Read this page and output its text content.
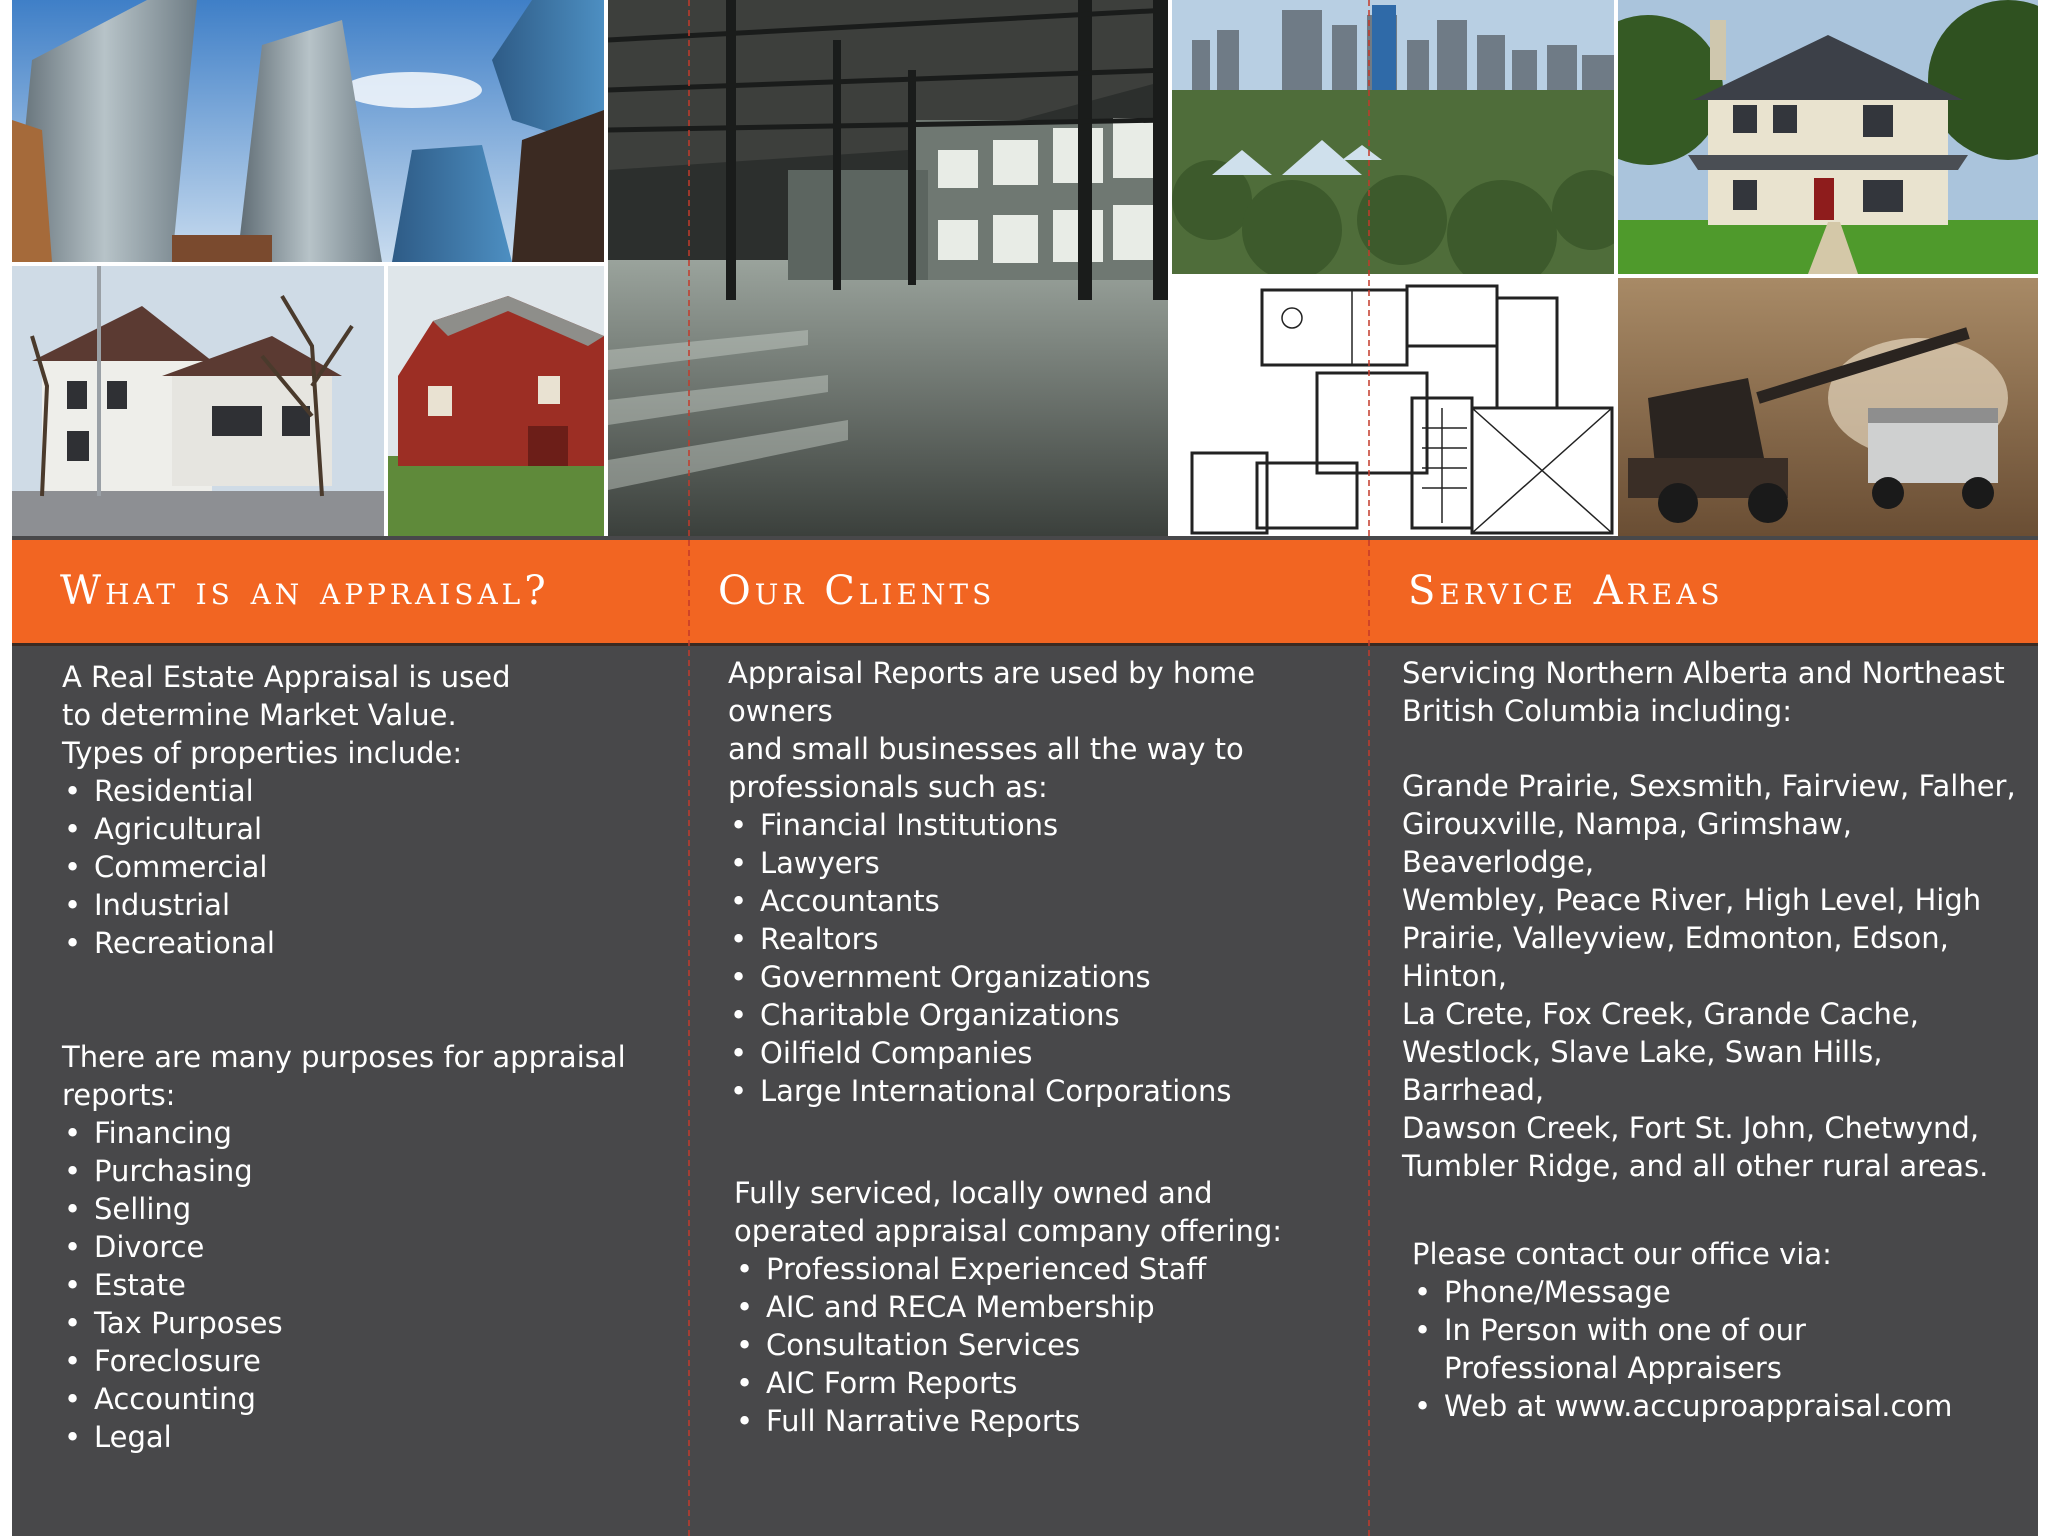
What is an appraisal?	Our Clients	Service Areas

A Real Estate Appraisal is used

to determine Market Value.

Types of properties include:

• Residential
• Agricultural
• Commercial
• Industrial
• Recreational

There are many purposes for appraisal

reports:

• Financing
• Purchasing
• Selling
• Divorce
• Estate
• Tax Purposes
• Foreclosure
• Accounting
• Legal

Appraisal Reports are used by home owners

and small businesses all the way to

professionals such as:

• Financial Institutions
• Lawyers
• Accountants
• Realtors
• Government Organizations
• Charitable Organizations
• Oilfield Companies
• Large International Corporations

Fully serviced, locally owned and

operated appraisal company offering:

• Professional Experienced Staff
• AIC and RECA Membership
• Consultation Services
• AIC Form Reports
• Full Narrative Reports

Servicing Northern Alberta and Northeast

British Columbia including:

Grande Prairie, Sexsmith, Fairview, Falher,

Girouxville, Nampa, Grimshaw, Beaverlodge,

Wembley, Peace River, High Level, High

Prairie, Valleyview, Edmonton, Edson,

Hinton,

La Crete, Fox Creek, Grande Cache,

Westlock, Slave Lake, Swan Hills, Barrhead,

Dawson Creek, Fort St. John, Chetwynd,

Tumbler Ridge, and all other rural areas.

Please contact our office via:

• Phone/Message
• In Person with one of our Professional Appraisers
• Web at www.accuproappraisal.com
